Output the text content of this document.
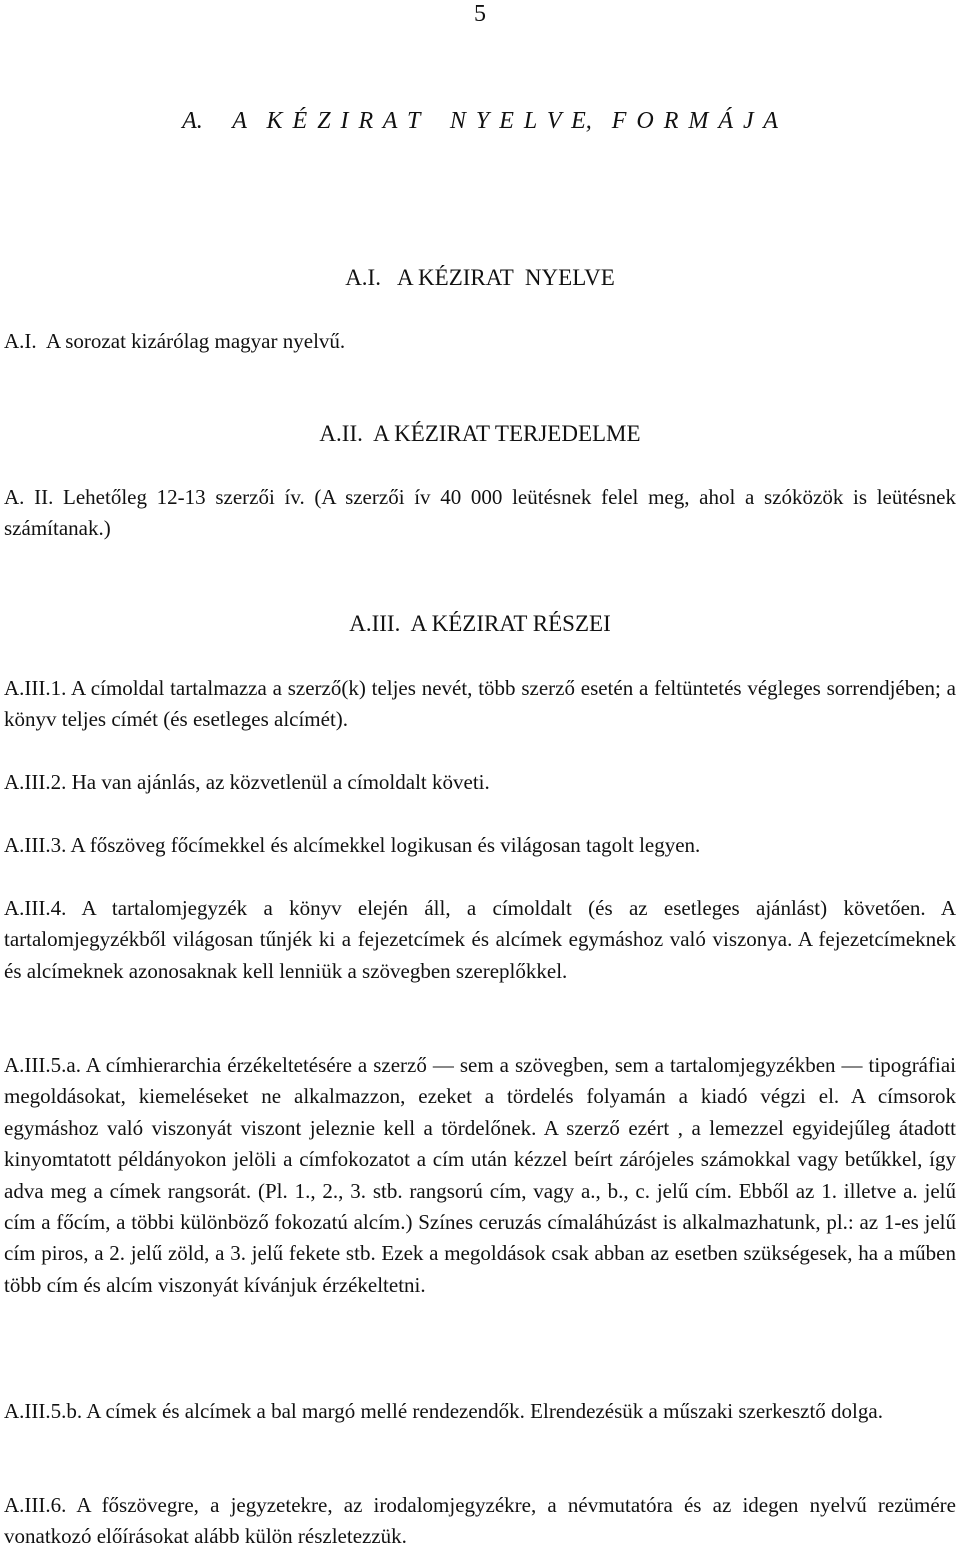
5
A.   A  K É Z I R A T   N Y E L V E,  F O R M Á J A
A.I.   A KÉZIRAT  NYELVE

A.I.  A sorozat kizárólag magyar nyelvű.

A.II.  A KÉZIRAT TERJEDELME

A. II. Lehetőleg 12-13 szerzői ív. (A szerzői ív 40 000 leütésnek felel meg, ahol a szóközök is leütésnek számítanak.)

A.III.  A KÉZIRAT RÉSZEI

A.III.1. A címoldal tartalmazza a szerző(k) teljes nevét, több szerző esetén a feltüntetés végleges sorrendjében; a könyv teljes címét (és esetleges alcímét).

A.III.2. Ha van ajánlás, az közvetlenül a címoldalt követi.

A.III.3. A főszöveg főcímekkel és alcímekkel logikusan és világosan tagolt legyen.

A.III.4. A tartalomjegyzék a könyv elején áll, a címoldalt (és az esetleges ajánlást) követően. A tartalomjegyzékből világosan tűnjék ki a fejezetcímek és alcímek egymáshoz való viszonya. A fejezetcímeknek és alcímeknek azonosaknak kell lenniük a szövegben szereplőkkel.

A.III.5.a. A címhierarchia érzékeltetésére a szerző — sem a szövegben, sem a tartalomjegyzékben — tipográfiai megoldásokat, kiemeléseket ne alkalmazzon, ezeket a tördelés folyamán a kiadó végzi el. A címsorok egymáshoz való viszonyát viszont jeleznie kell a tördelőnek. A szerző ezért , a lemezzel egyidejűleg átadott kinyomtatott példányokon jelöli a címfokozatot a cím után kézzel beírt zárójeles számokkal vagy betűkkel, így adva meg a címek rangsorát. (Pl. 1., 2., 3. stb. rangsorú cím, vagy a., b., c. jelű cím. Ebből az 1. illetve a. jelű cím a főcím, a többi különböző fokozatú alcím.) Színes ceruzás címaláhúzást is alkalmazhatunk, pl.: az 1-es jelű cím piros, a 2. jelű zöld, a 3. jelű fekete stb. Ezek a megoldások csak abban az esetben szükségesek, ha a műben több cím és alcím viszonyát kívánjuk érzékeltetni.

A.III.5.b. A címek és alcímek a bal margó mellé rendezendők. Elrendezésük a műszaki szerkesztő dolga.

A.III.6. A főszövegre, a jegyzetekre, az irodalomjegyzékre, a névmutatóra és az idegen nyelvű rezümére vonatkozó előírásokat alább külön részletezzük.
